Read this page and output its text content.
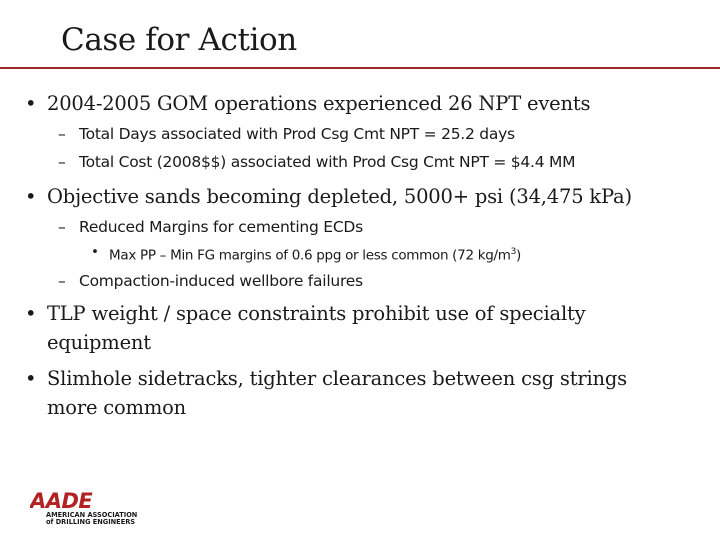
Case for Action
• 2004-2005 GOM operations experienced 26 NPT events
– Total Days associated with Prod Csg Cmt NPT = 25.2 days
– Total Cost (2008$$) associated with Prod Csg Cmt NPT = $4.4 MM
• Objective sands becoming depleted, 5000+ psi (34,475 kPa)
– Reduced Margins for cementing ECDs
• Max PP – Min FG margins of 0.6 ppg or less common (72 $kg/m^3$)
– Compaction-induced wellbore failures
• TLP weight / space constraints prohibit use of specialty
equipment
• Slimhole sidetracks, tighter clearances between csg strings
more common
AADE
AMERICAN ASSOCIATION
of DRILLING ENGINEERS
